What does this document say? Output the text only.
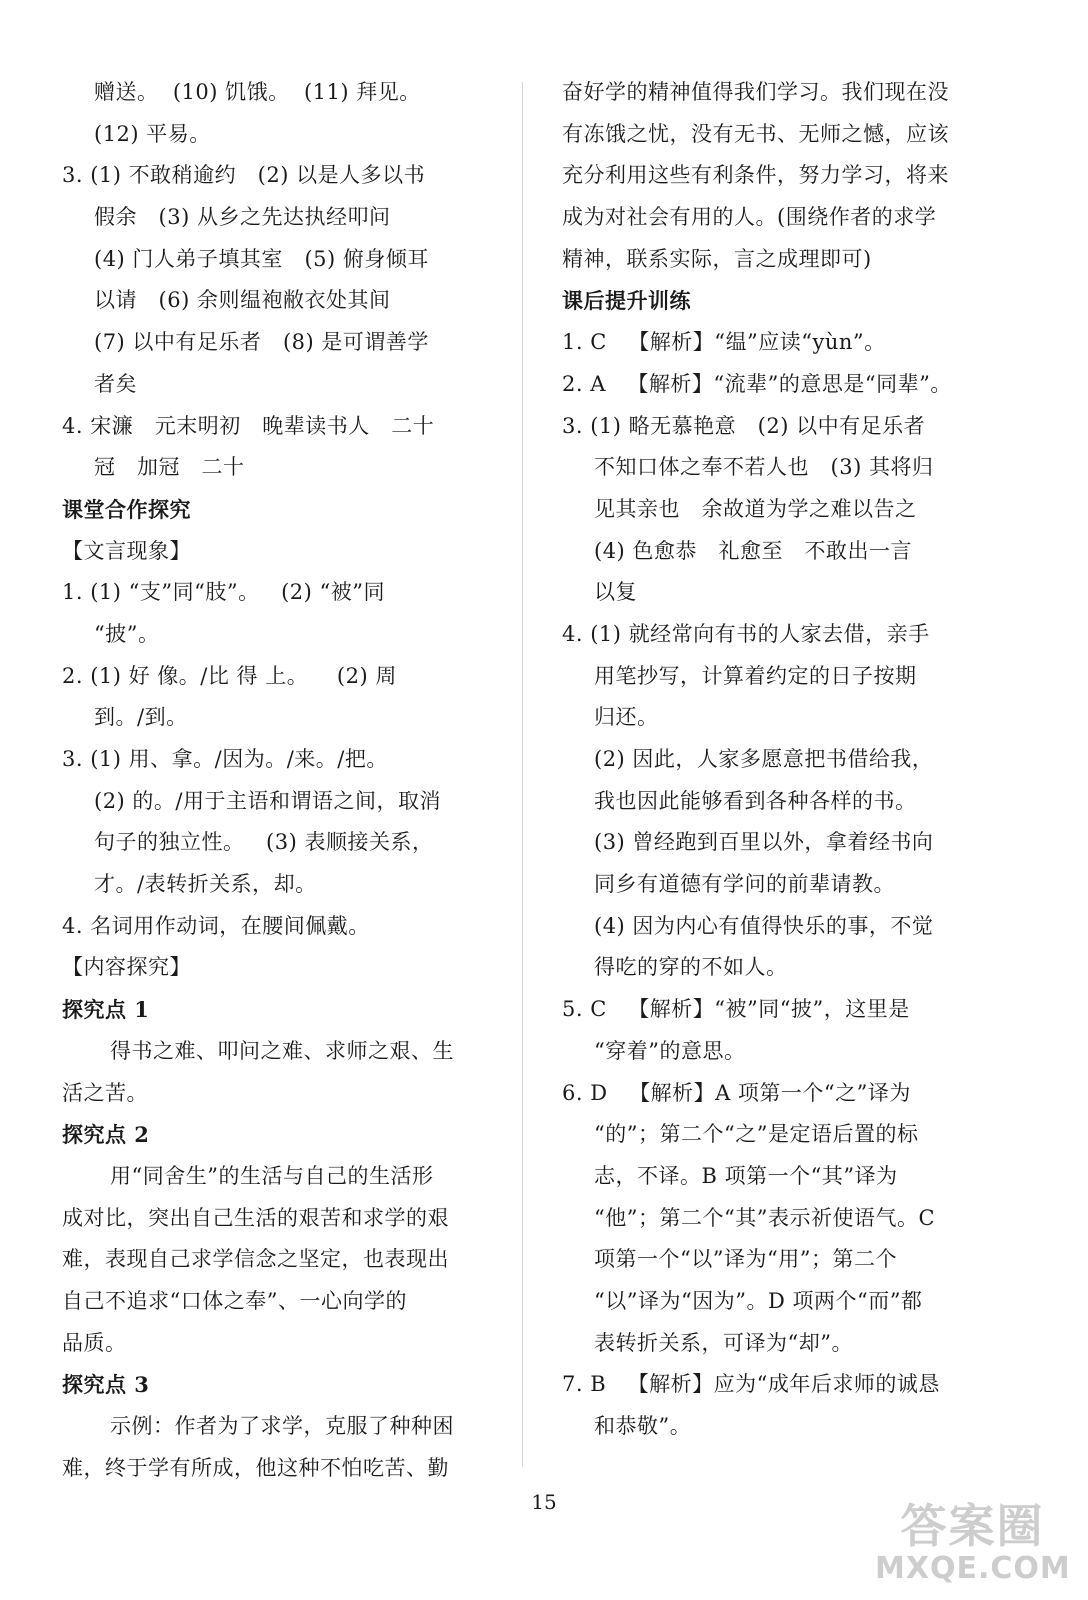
赠送。  (10) 饥饿。  (11) 拜见。
(12) 平易。
3. (1) 不敢稍逾约   (2) 以是人多以书
假余   (3) 从乡之先达执经叩问
(4) 门人弟子填其室   (5) 俯身倾耳
以请   (6) 余则缊袍敝衣处其间
(7) 以中有足乐者   (8) 是可谓善学
者矣
4. 宋濂   元末明初   晚辈读书人   二十
冠   加冠   二十
课堂合作探究
【文言现象】
1. (1) “支”同“肢”。   (2) “被”同
“披”。
2. (1) 好 像。/比 得 上。    (2) 周
到。/到。
3. (1) 用、拿。/因为。/来。/把。
(2) 的。/用于主语和谓语之间，取消
句子的独立性。   (3) 表顺接关系，
才。/表转折关系，却。
4. 名词用作动词，在腰间佩戴。
【内容探究】
探究点 1
得书之难、叩问之难、求师之艰、生
活之苦。
探究点 2
用“同舍生”的生活与自己的生活形
成对比，突出自己生活的艰苦和求学的艰
难，表现自己求学信念之坚定，也表现出
自己不追求“口体之奉”、一心向学的
品质。
探究点 3
示例：作者为了求学，克服了种种困
难，终于学有所成，他这种不怕吃苦、勤
奋好学的精神值得我们学习。我们现在没
有冻饿之忧，没有无书、无师之憾，应该
充分利用这些有利条件，努力学习，将来
成为对社会有用的人。(围绕作者的求学
精神，联系实际，言之成理即可)
课后提升训练
1. C   【解析】“缊”应读“yùn”。
2. A   【解析】“流辈”的意思是“同辈”。
3. (1) 略无慕艳意   (2) 以中有足乐者
不知口体之奉不若人也   (3) 其将归
见其亲也   余故道为学之难以告之
(4) 色愈恭   礼愈至   不敢出一言
以复
4. (1) 就经常向有书的人家去借，亲手
用笔抄写，计算着约定的日子按期
归还。
(2) 因此，人家多愿意把书借给我，
我也因此能够看到各种各样的书。
(3) 曾经跑到百里以外，拿着经书向
同乡有道德有学问的前辈请教。
(4) 因为内心有值得快乐的事，不觉
得吃的穿的不如人。
5. C   【解析】“被”同“披”，这里是
“穿着”的意思。
6. D   【解析】A 项第一个“之”译为
“的”；第二个“之”是定语后置的标
志，不译。B 项第一个“其”译为
“他”；第二个“其”表示祈使语气。C
项第一个“以”译为“用”；第二个
“以”译为“因为”。D 项两个“而”都
表转折关系，可译为“却”。
7. B   【解析】应为“成年后求师的诚恳
和恭敬”。
15	答案圈
MXQE.COM
